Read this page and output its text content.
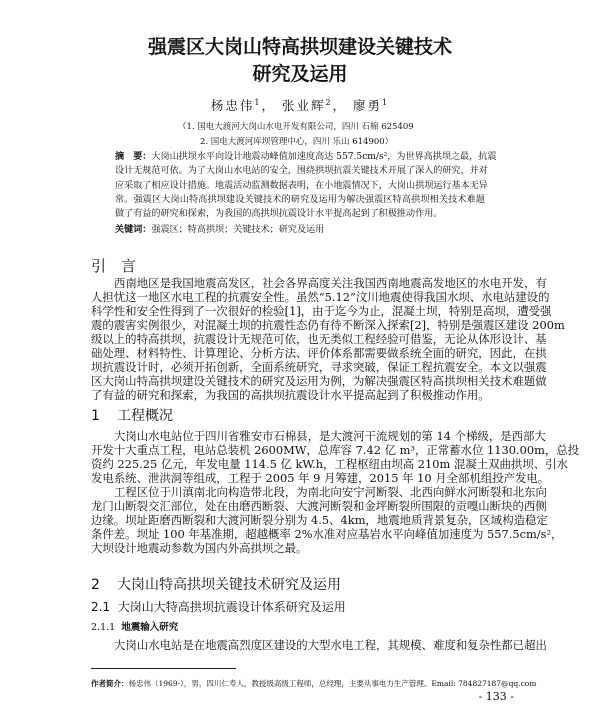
强震区大岗山特高拱坝建设关键技术
研究及运用
杨忠伟$^1$， 张业辉$^2$， 廖勇$^1$
（1. 国电大渡河大岗山水电开发有限公司，四川 石棉 625409
2. 国电大渡河库坝管理中心，四川 乐山 614900）
摘　要：大岗山拱坝水平向设计地震动峰值加速度高达 557.5cm/s²，为世界高拱坝之最，抗震
设计无规范可依。为了大岗山水电站的安全，围绕拱坝抗震关键技术开展了深入的研究，并对
应采取了相应设计措施。地震活动监测数据表明，在小地震情况下，大岗山拱坝运行基本无异
常。强震区大岗山特高拱坝建设关键技术的研究及运用为解决强震区特高拱坝相关技术难题
做了有益的研究和探索，为我国的高拱坝抗震设计水平提高起到了积极推动作用。
关键词：强震区；特高拱坝；关键技术；研究及运用
引　言
西南地区是我国地震高发区，社会各界高度关注我国西南地震高发地区的水电开发，有
人担忧这一地区水电工程的抗震安全性。虽然“5.12”汶川地震使得我国水坝、水电站建设的
科学性和安全性得到了一次很好的检验[1]，由于迄今为止，混凝土坝，特别是高坝，遭受强
震的震害实例很少，对混凝土坝的抗震性态仍有待不断深入探索[2]，特别是强震区建设 200m
级以上的特高拱坝，抗震设计无规范可依，也无类似工程经验可借鉴，无论从体形设计、基
础处理、材料特性、计算理论、分析方法、评价体系都需要做系统全面的研究，因此，在拱
坝抗震设计时，必须开拓创新，全面系统研究，寻求突破，保证工程抗震安全。本文以强震
区大岗山特高拱坝建设关键技术的研究及运用为例，为解决强震区特高拱坝相关技术难题做
了有益的研究和探索，为我国的高拱坝抗震设计水平提高起到了积极推动作用。
1 工程概况
大岗山水电站位于四川省雅安市石棉县，是大渡河干流规划的第 14 个梯级，是西部大
开发十大重点工程，电站总装机 2600MW，总库容 7.42 亿 m³，正常蓄水位 1130.00m，总投
资约 225.25 亿元，年发电量 114.5 亿 kW.h，工程枢纽由坝高 210m 混凝土双曲拱坝、引水
发电系统、泄洪洞等组成，工程于 2005 年 9 月筹建，2015 年 10 月全部机组投产发电。
工程区位于川滇南北向构造带北段，为南北向安宁河断裂、北西向鲜水河断裂和北东向
龙门山断裂交汇部位，处在由磨西断裂、大渡河断裂和金坪断裂所围限的贡嘎山断块的西侧
边缘。坝址距磨西断裂和大渡河断裂分别为 4.5、4km，地震地质背景复杂，区域构造稳定
条件差。坝址 100 年基准期，超越概率 2%水准对应基岩水平向峰值加速度为 557.5cm/s²，
大坝设计地震动参数为国内外高拱坝之最。
2 大岗山特高拱坝关键技术研究及运用
2.1 大岗山大特高拱坝抗震设计体系研究及运用
2.1.1 地震输入研究
大岗山水电站是在地震高烈度区建设的大型水电工程，其规模、难度和复杂性都已超出
作者简介：杨忠伟（1969-），男，四川仁寿人，教授级高级工程师，总经理，主要从事电力生产管理。Email: 784827187@qq.com
- 133 -
